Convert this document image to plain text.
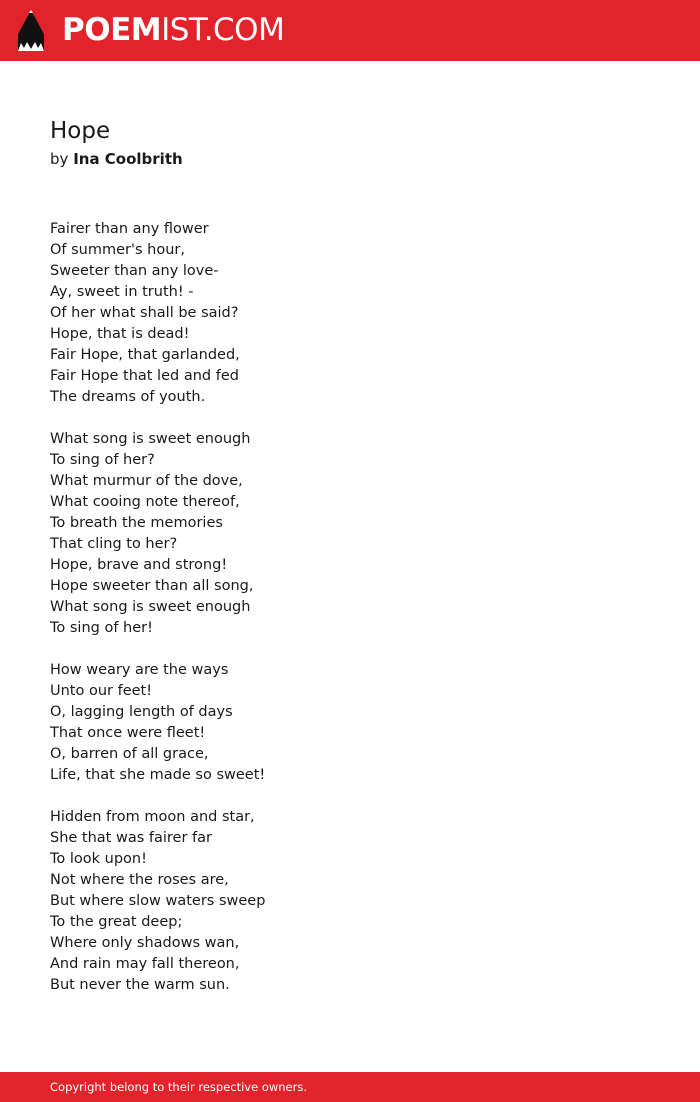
POEMIST.COM
Hope
by Ina Coolbrith
Fairer than any flower
Of summer's hour,
Sweeter than any love-
Ay, sweet in truth! -
Of her what shall be said?
Hope, that is dead!
Fair Hope, that garlanded,
Fair Hope that led and fed
The dreams of youth.
What song is sweet enough
To sing of her?
What murmur of the dove,
What cooing note thereof,
To breath the memories
That cling to her?
Hope, brave and strong!
Hope sweeter than all song,
What song is sweet enough
To sing of her!
How weary are the ways
Unto our feet!
O, lagging length of days
That once were fleet!
O, barren of all grace,
Life, that she made so sweet!
Hidden from moon and star,
She that was fairer far
To look upon!
Not where the roses are,
But where slow waters sweep
To the great deep;
Where only shadows wan,
And rain may fall thereon,
But never the warm sun.
Copyright belong to their respective owners.
